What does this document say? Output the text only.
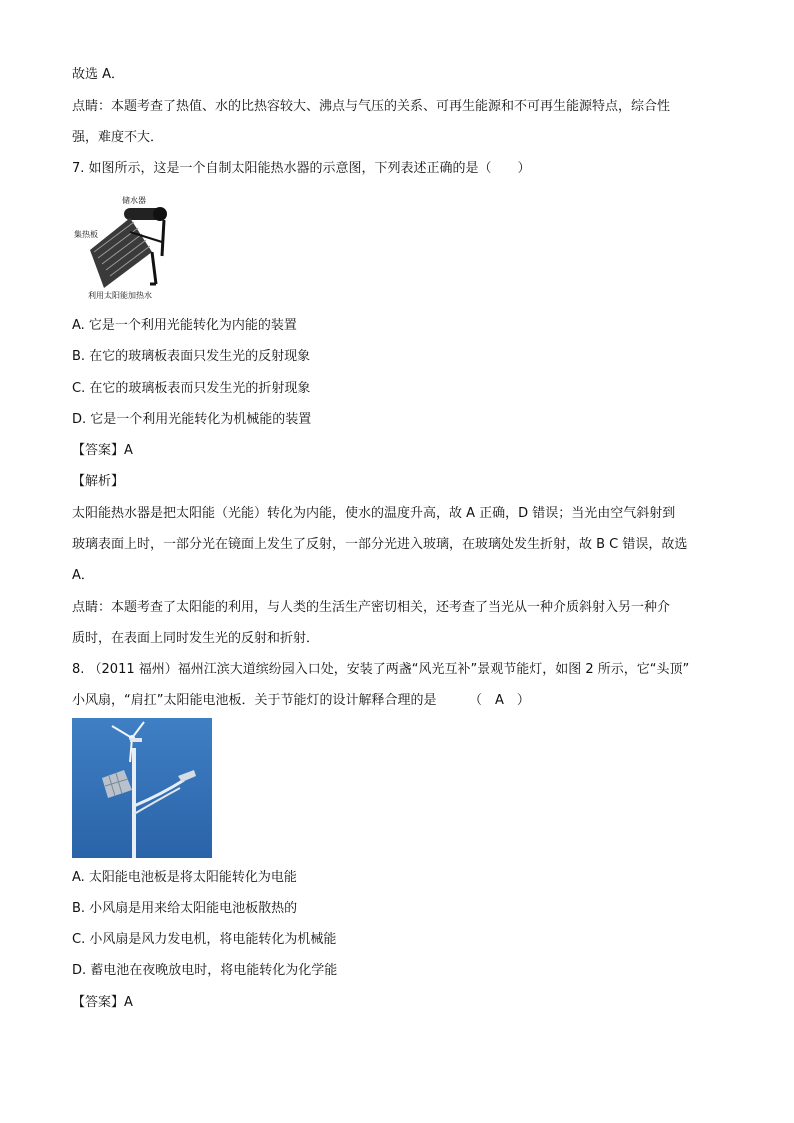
故选 A．
点睛：本题考查了热值、水的比热容较大、沸点与气压的关系、可再生能源和不可再生能源特点，综合性
强，难度不大．
7. 如图所示，这是一个自制太阳能热水器的示意图，下列表述正确的是（　　）
储水器
集热板
利用太阳能加热水
A. 它是一个利用光能转化为内能的装置
B. 在它的玻璃板表面只发生光的反射现象
C. 在它的玻璃板表而只发生光的折射现象
D. 它是一个利用光能转化为机械能的装置
【答案】A
【解析】
太阳能热水器是把太阳能（光能）转化为内能，使水的温度升高，故 A 正确，D 错误；当光由空气斜射到
玻璃表面上时，一部分光在镜面上发生了反射，一部分光进入玻璃，在玻璃处发生折射，故 B C 错误，故选
A．
点睛：本题考查了太阳能的利用，与人类的生活生产密切相关，还考查了当光从一种介质斜射入另一种介
质时，在表面上同时发生光的反射和折射．
8. （2011 福州）福州江滨大道缤纷园入口处，安装了两盏“风光互补”景观节能灯，如图 2 所示，它“头顶”
小风扇，“肩扛”太阳能电池板．关于节能灯的设计解释合理的是　　　（　A　）
A. 太阳能电池板是将太阳能转化为电能
B. 小风扇是用来给太阳能电池板散热的
C. 小风扇是风力发电机，将电能转化为机械能
D. 蓄电池在夜晚放电时，将电能转化为化学能
【答案】A
